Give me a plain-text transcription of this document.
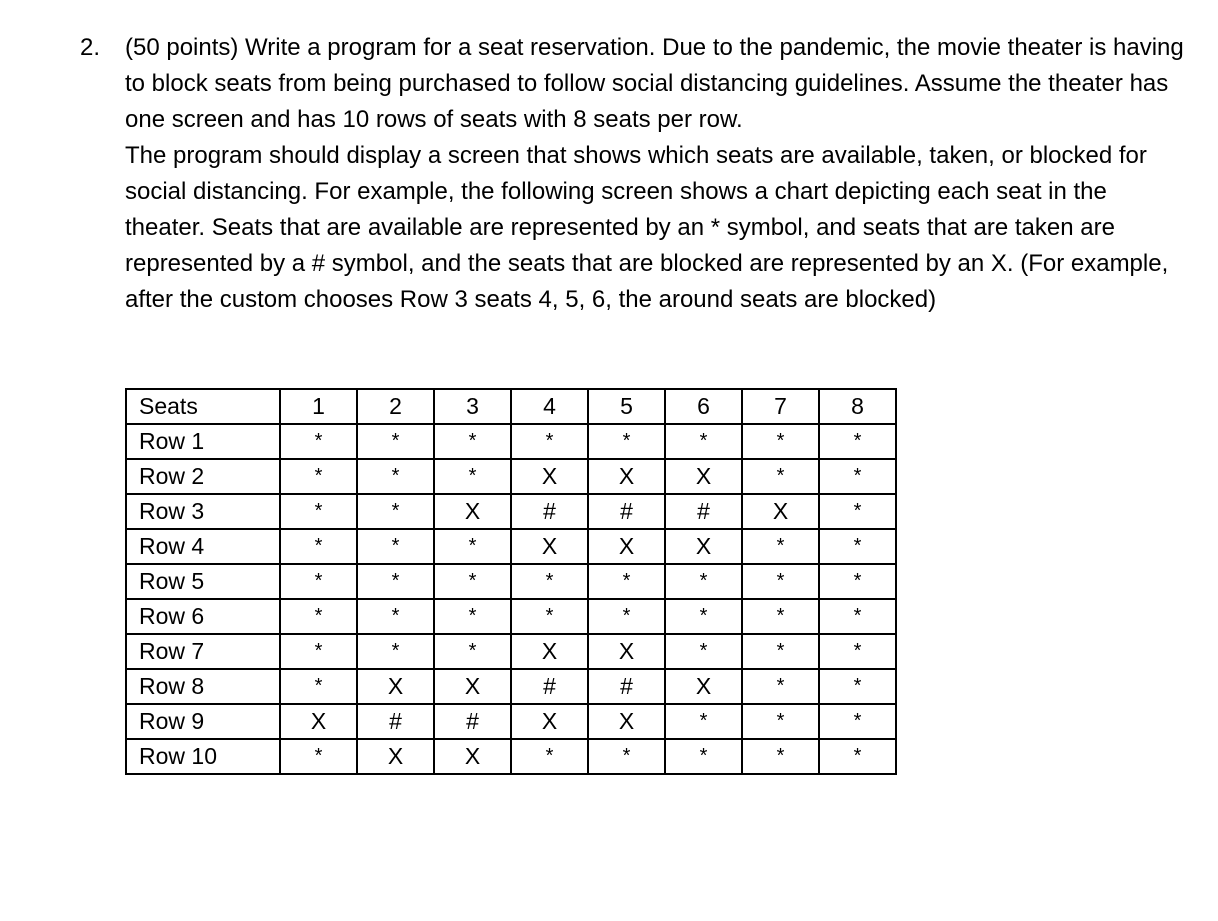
2. (50 points) Write a program for a seat reservation. Due to the pandemic, the movie theater is having to block seats from being purchased to follow social distancing guidelines. Assume the theater has one screen and has 10 rows of seats with 8 seats per row.

The program should display a screen that shows which seats are available, taken, or blocked for social distancing. For example, the following screen shows a chart depicting each seat in the theater. Seats that are available are represented by an * symbol, and seats that are taken are represented by a # symbol, and the seats that are blocked are represented by an X. (For example, after the custom chooses Row 3 seats 4, 5, 6, the around seats are blocked)

Seats	1	2	3	4	5	6	7	8
Row 1	*	*	*	*	*	*	*	*
Row 2	*	*	*	X	X	X	*	*
Row 3	*	*	X	#	#	#	X	*
Row 4	*	*	*	X	X	X	*	*
Row 5	*	*	*	*	*	*	*	*
Row 6	*	*	*	*	*	*	*	*
Row 7	*	*	*	X	X	*	*	*
Row 8	*	X	X	#	#	X	*	*
Row 9	X	#	#	X	X	*	*	*
Row 10	*	X	X	*	*	*	*	*
